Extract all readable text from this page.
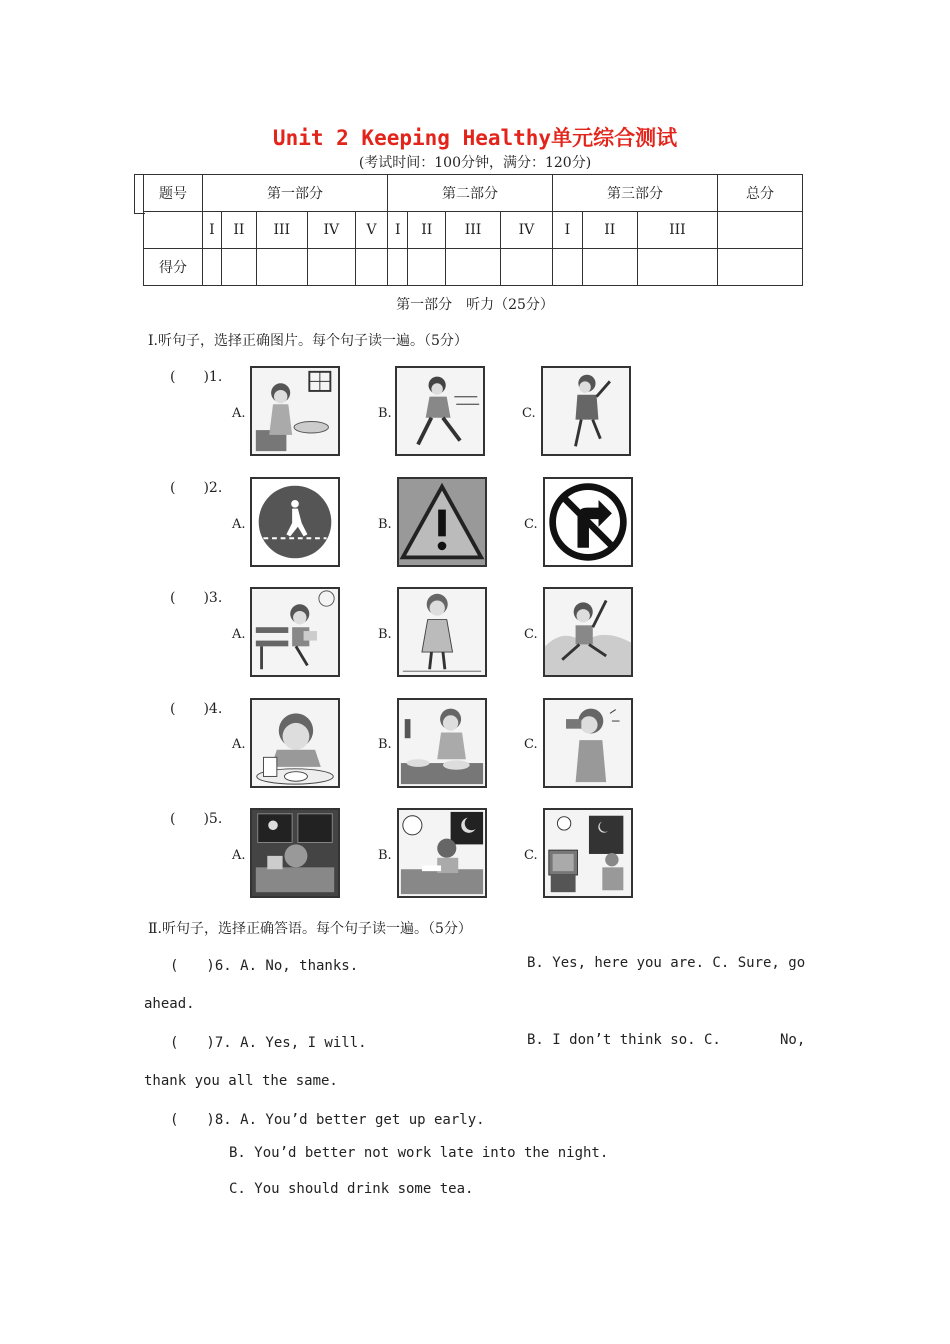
Unit 2 Keeping Healthy单元综合测试
(考试时间：100分钟，满分：120分)
题号	第一部分					第二部分				第三部分			总分
	I	II	III	IV	V	I	II	III	IV	I	II	III	
得分													
第一部分　听力（25分）
Ⅰ.听句子，选择正确图片。每个句子读一遍。（5分）
(　　)1.
A.	B.	C.
(　　)2.
A.	B.	C.
(　　)3.
A.	B.	C.
(　　)4.
A.	B.	C.
(　　)5.
A.	B.	C.
Ⅱ.听句子，选择正确答语。每个句子读一遍。（5分）
(　　)6. A. No, thanks.	B. Yes, here you are. C. Sure, go
ahead.
(　　)7. A. Yes, I will.	B. I don’t think so. C.	No,
thank you all the same.
(　　)8. A. You’d better get up early.
B. You’d better not work late into the night.
C. You should drink some tea.
